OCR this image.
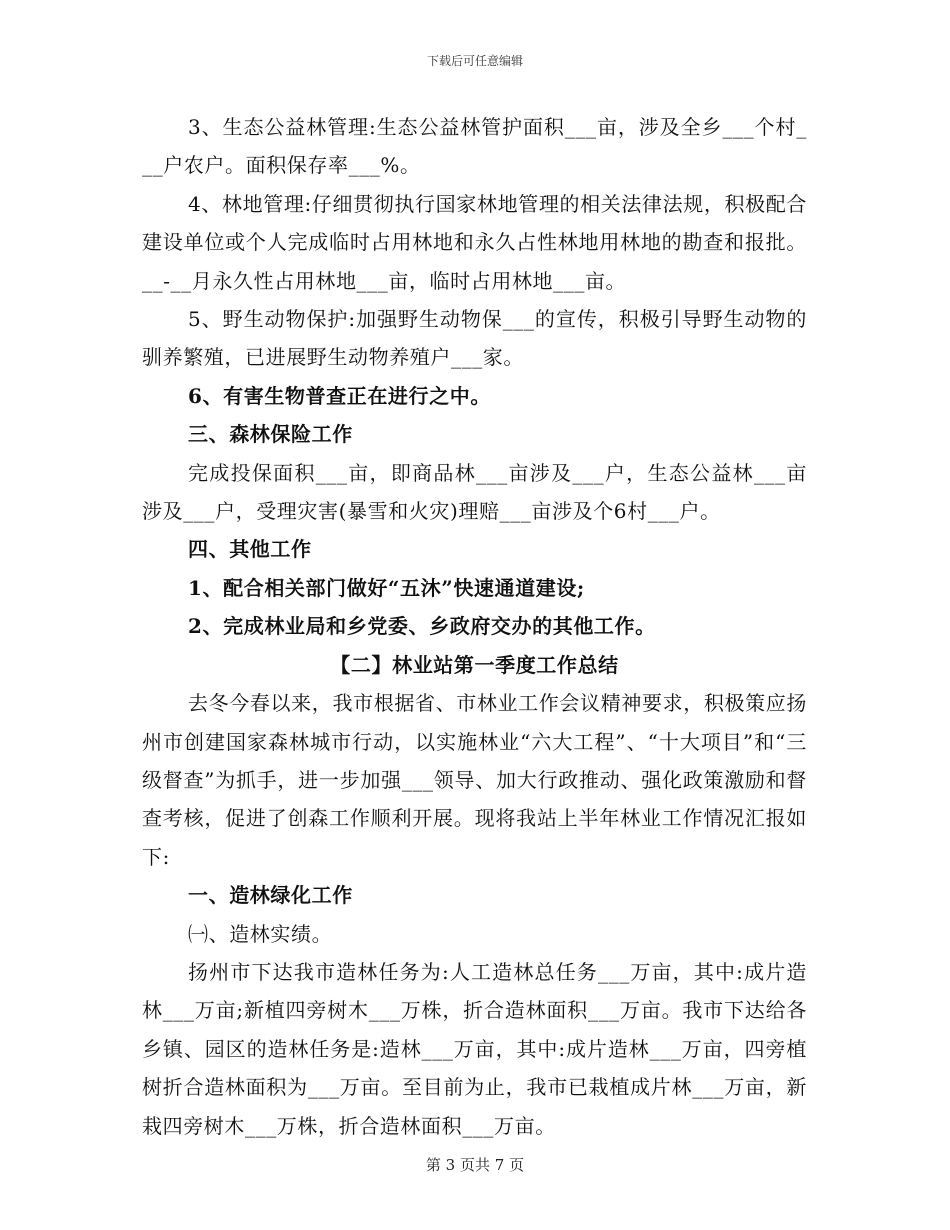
下载后可任意编辑

3、生态公益林管理:生态公益林管护面积___亩，涉及全乡___个村___户农户。面积保存率___%。

4、林地管理:仔细贯彻执行国家林地管理的相关法律法规，积极配合建设单位或个人完成临时占用林地和永久占性林地用林地的勘查和报批。__-__月永久性占用林地___亩，临时占用林地___亩。

5、野生动物保护:加强野生动物保___的宣传，积极引导野生动物的驯养繁殖，已进展野生动物养殖户___家。

6、有害生物普查正在进行之中。

三、森林保险工作

完成投保面积___亩，即商品林___亩涉及___户，生态公益林___亩涉及___户，受理灾害(暴雪和火灾)理赔___亩涉及个6村___户。

四、其他工作

1、配合相关部门做好“五沐”快速通道建设;

2、完成林业局和乡党委、乡政府交办的其他工作。

【二】林业站第一季度工作总结

去冬今春以来，我市根据省、市林业工作会议精神要求，积极策应扬州市创建国家森林城市行动，以实施林业“六大工程”、“十大项目”和“三级督查”为抓手，进一步加强___领导、加大行政推动、强化政策激励和督查考核，促进了创森工作顺利开展。现将我站上半年林业工作情况汇报如下:

一、造林绿化工作

㈠、造林实绩。

扬州市下达我市造林任务为:人工造林总任务___万亩，其中:成片造林___万亩;新植四旁树木___万株，折合造林面积___万亩。我市下达给各乡镇、园区的造林任务是:造林___万亩，其中:成片造林___万亩，四旁植树折合造林面积为___万亩。至目前为止，我市已栽植成片林___万亩，新栽四旁树木___万株，折合造林面积___万亩。

第 3 页共 7 页
